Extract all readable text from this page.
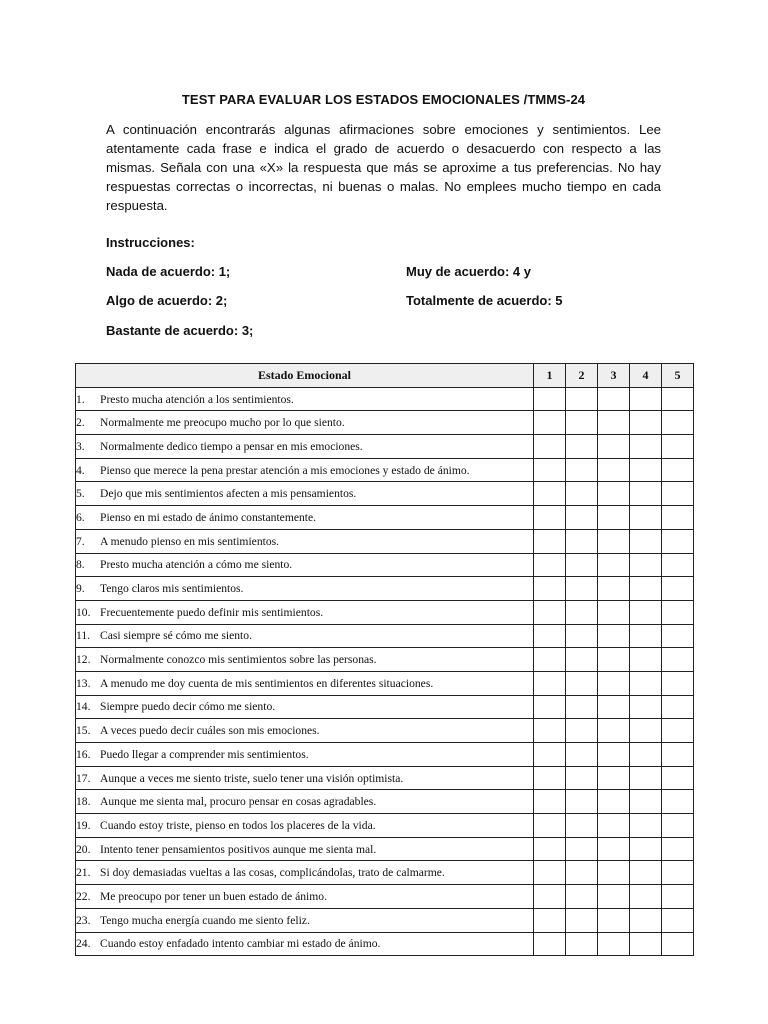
TEST PARA EVALUAR LOS ESTADOS EMOCIONALES /TMMS-24
A continuación encontrarás algunas afirmaciones sobre emociones y sentimientos. Lee atentamente cada frase e indica el grado de acuerdo o desacuerdo con respecto a las mismas. Señala con una «X» la respuesta que más se aproxime a tus preferencias. No hay respuestas correctas o incorrectas, ni buenas o malas. No emplees mucho tiempo en cada respuesta.
Instrucciones:
Nada de acuerdo: 1;
Algo de acuerdo: 2;
Bastante de acuerdo: 3;
Muy de acuerdo: 4 y
Totalmente de acuerdo: 5
Estado Emocional	1	2	3	4	5
1. Presto mucha atención a los sentimientos.					
2. Normalmente me preocupo mucho por lo que siento.					
3. Normalmente dedico tiempo a pensar en mis emociones.					
4. Pienso que merece la pena prestar atención a mis emociones y estado de ánimo.					
5. Dejo que mis sentimientos afecten a mis pensamientos.					
6. Pienso en mi estado de ánimo constantemente.					
7. A menudo pienso en mis sentimientos.					
8. Presto mucha atención a cómo me siento.					
9. Tengo claros mis sentimientos.					
10. Frecuentemente puedo definir mis sentimientos.					
11. Casi siempre sé cómo me siento.					
12. Normalmente conozco mis sentimientos sobre las personas.					
13. A menudo me doy cuenta de mis sentimientos en diferentes situaciones.					
14. Siempre puedo decir cómo me siento.					
15. A veces puedo decir cuáles son mis emociones.					
16. Puedo llegar a comprender mis sentimientos.					
17. Aunque a veces me siento triste, suelo tener una visión optimista.					
18. Aunque me sienta mal, procuro pensar en cosas agradables.					
19. Cuando estoy triste, pienso en todos los placeres de la vida.					
20. Intento tener pensamientos positivos aunque me sienta mal.					
21. Si doy demasiadas vueltas a las cosas, complicándolas, trato de calmarme.					
22. Me preocupo por tener un buen estado de ánimo.					
23. Tengo mucha energía cuando me siento feliz.					
24. Cuando estoy enfadado intento cambiar mi estado de ánimo.					
